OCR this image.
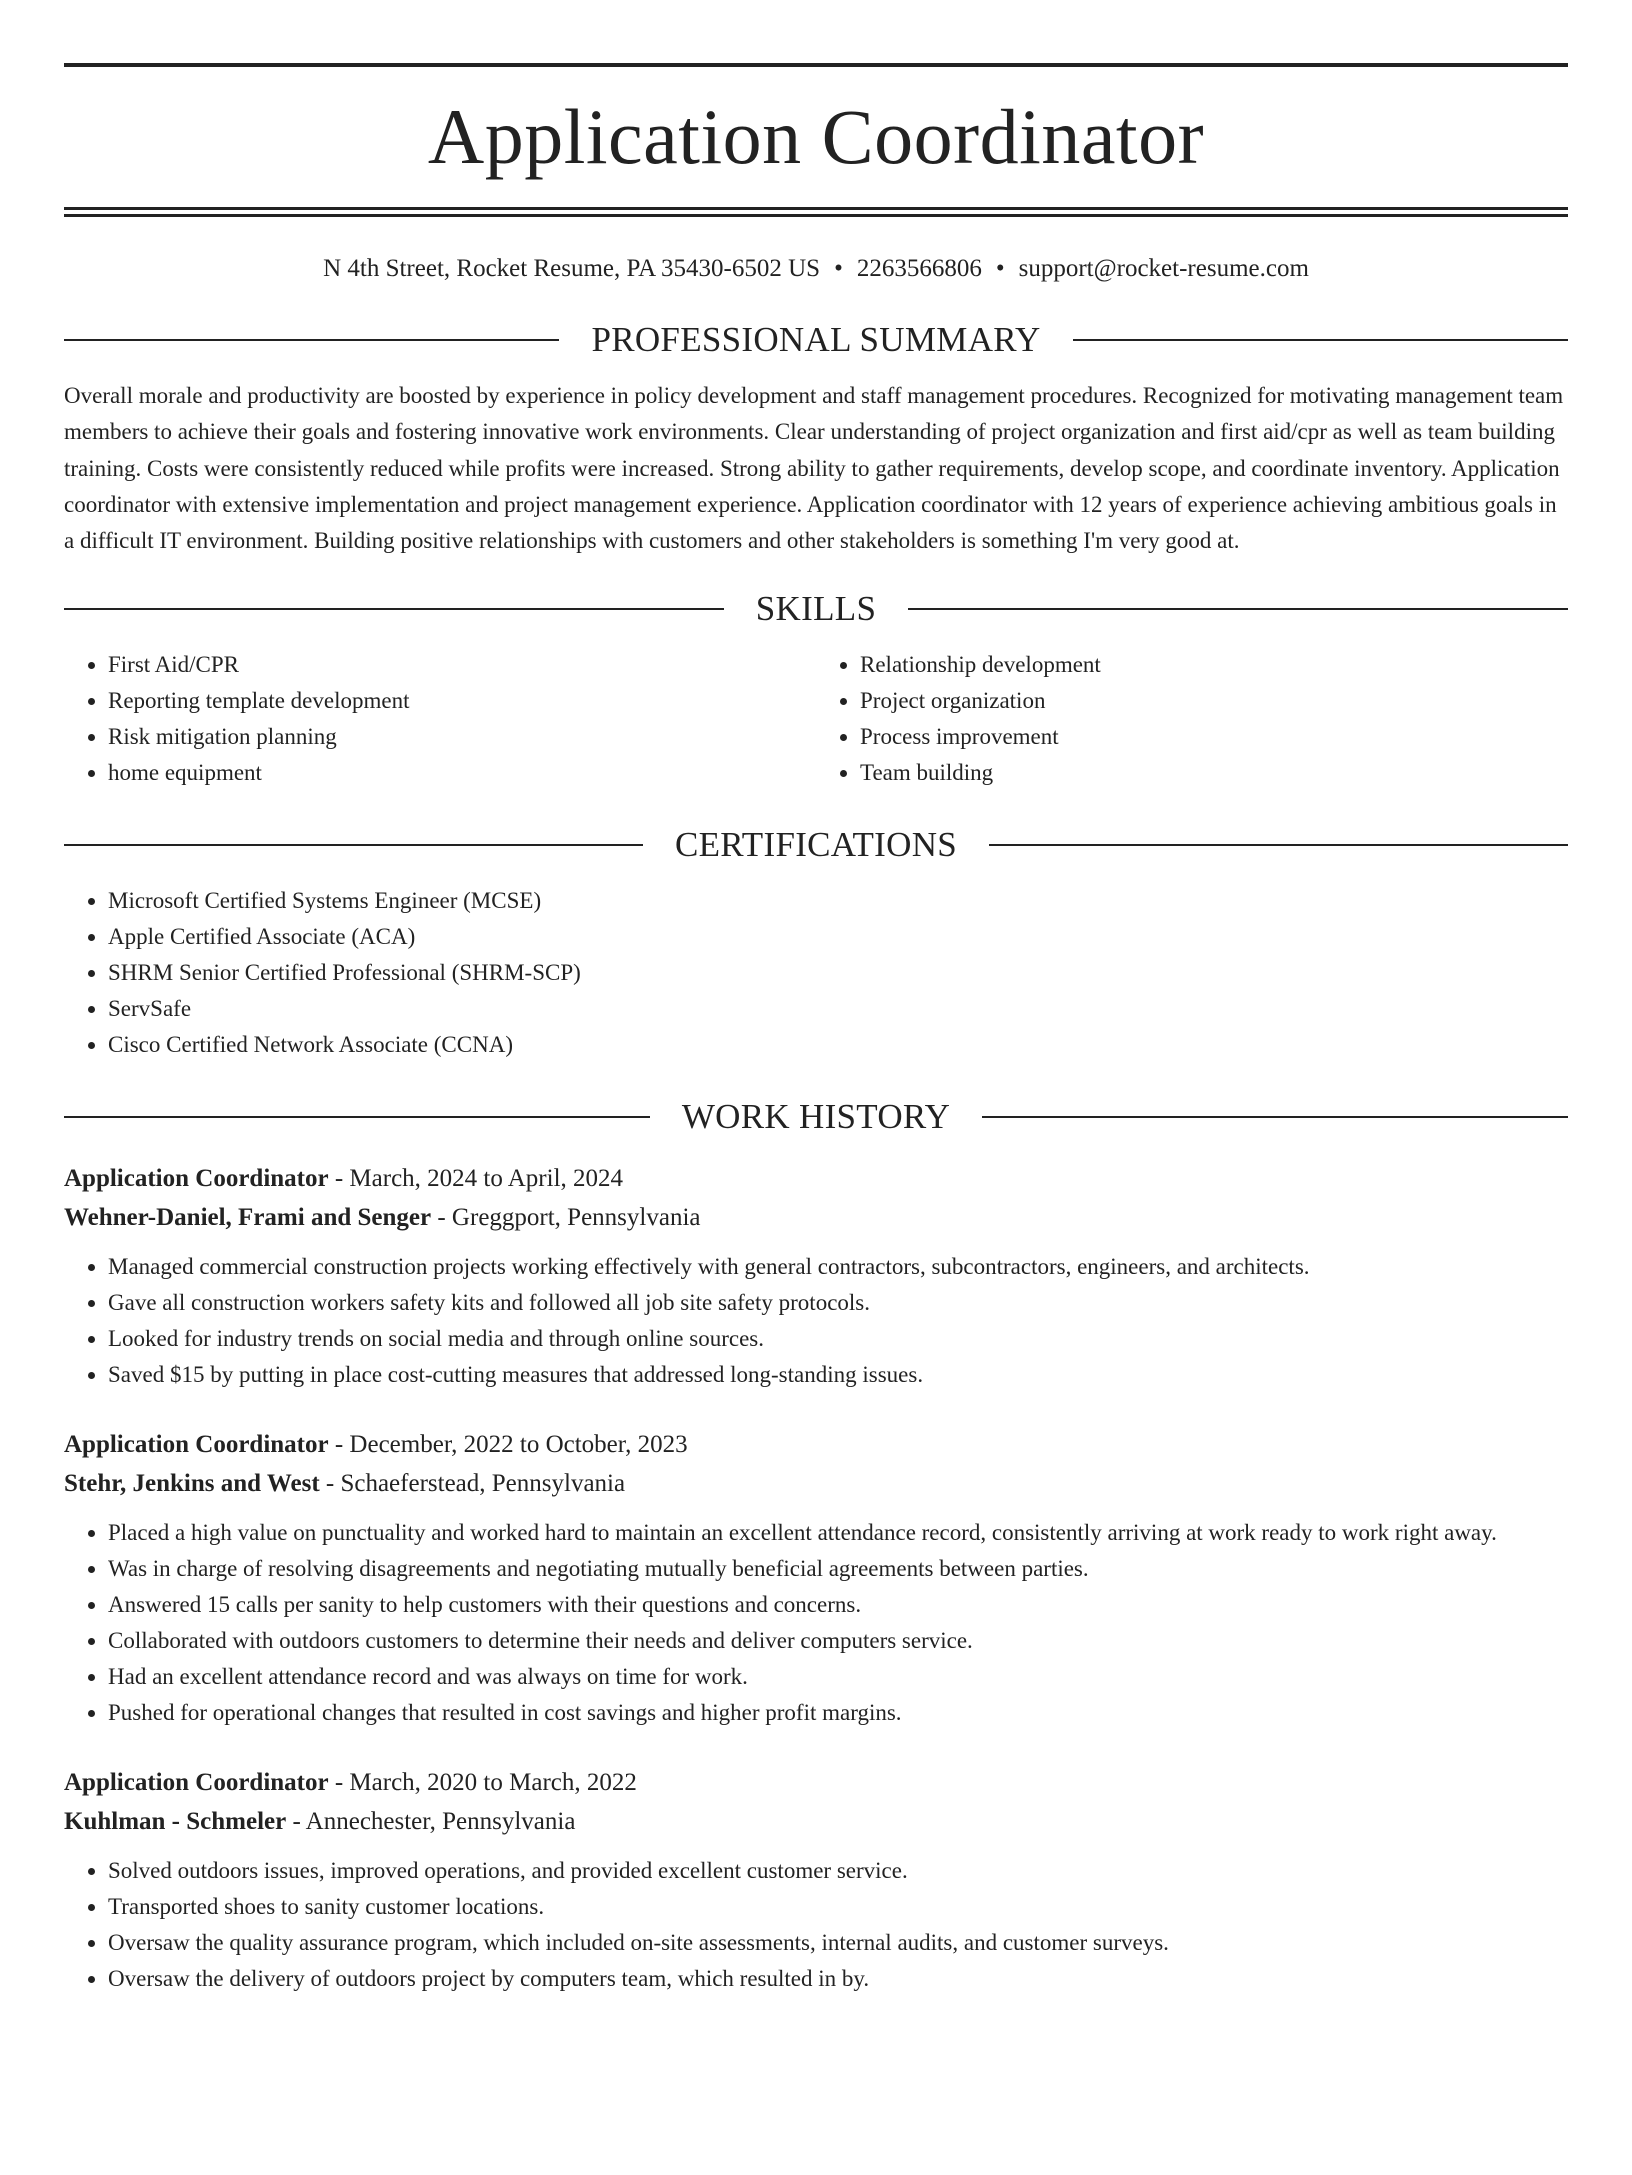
Application Coordinator
N 4th Street, Rocket Resume, PA 35430-6502 US • 2263566806 • support@rocket-resume.com
PROFESSIONAL SUMMARY

Overall morale and productivity are boosted by experience in policy development and staff management procedures. Recognized for motivating management team members to achieve their goals and fostering innovative work environments. Clear understanding of project organization and first aid/cpr as well as team building training. Costs were consistently reduced while profits were increased. Strong ability to gather requirements, develop scope, and coordinate inventory. Application coordinator with extensive implementation and project management experience. Application coordinator with 12 years of experience achieving ambitious goals in a difficult IT environment. Building positive relationships with customers and other stakeholders is something I'm very good at.

SKILLS
• First Aid/CPR
• Reporting template development
• Risk mitigation planning
• home equipment
• Relationship development
• Project organization
• Process improvement
• Team building
CERTIFICATIONS
• Microsoft Certified Systems Engineer (MCSE)
• Apple Certified Associate (ACA)
• SHRM Senior Certified Professional (SHRM-SCP)
• ServSafe
• Cisco Certified Network Associate (CCNA)
WORK HISTORY
Application Coordinator - March, 2024 to April, 2024
Wehner-Daniel, Frami and Senger - Greggport, Pennsylvania
• Managed commercial construction projects working effectively with general contractors, subcontractors, engineers, and architects.
• Gave all construction workers safety kits and followed all job site safety protocols.
• Looked for industry trends on social media and through online sources.
• Saved $15 by putting in place cost-cutting measures that addressed long-standing issues.
Application Coordinator - December, 2022 to October, 2023
Stehr, Jenkins and West - Schaeferstead, Pennsylvania
• Placed a high value on punctuality and worked hard to maintain an excellent attendance record, consistently arriving at work ready to work right away.
• Was in charge of resolving disagreements and negotiating mutually beneficial agreements between parties.
• Answered 15 calls per sanity to help customers with their questions and concerns.
• Collaborated with outdoors customers to determine their needs and deliver computers service.
• Had an excellent attendance record and was always on time for work.
• Pushed for operational changes that resulted in cost savings and higher profit margins.
Application Coordinator - March, 2020 to March, 2022
Kuhlman - Schmeler - Annechester, Pennsylvania
• Solved outdoors issues, improved operations, and provided excellent customer service.
• Transported shoes to sanity customer locations.
• Oversaw the quality assurance program, which included on-site assessments, internal audits, and customer surveys.
• Oversaw the delivery of outdoors project by computers team, which resulted in by.
